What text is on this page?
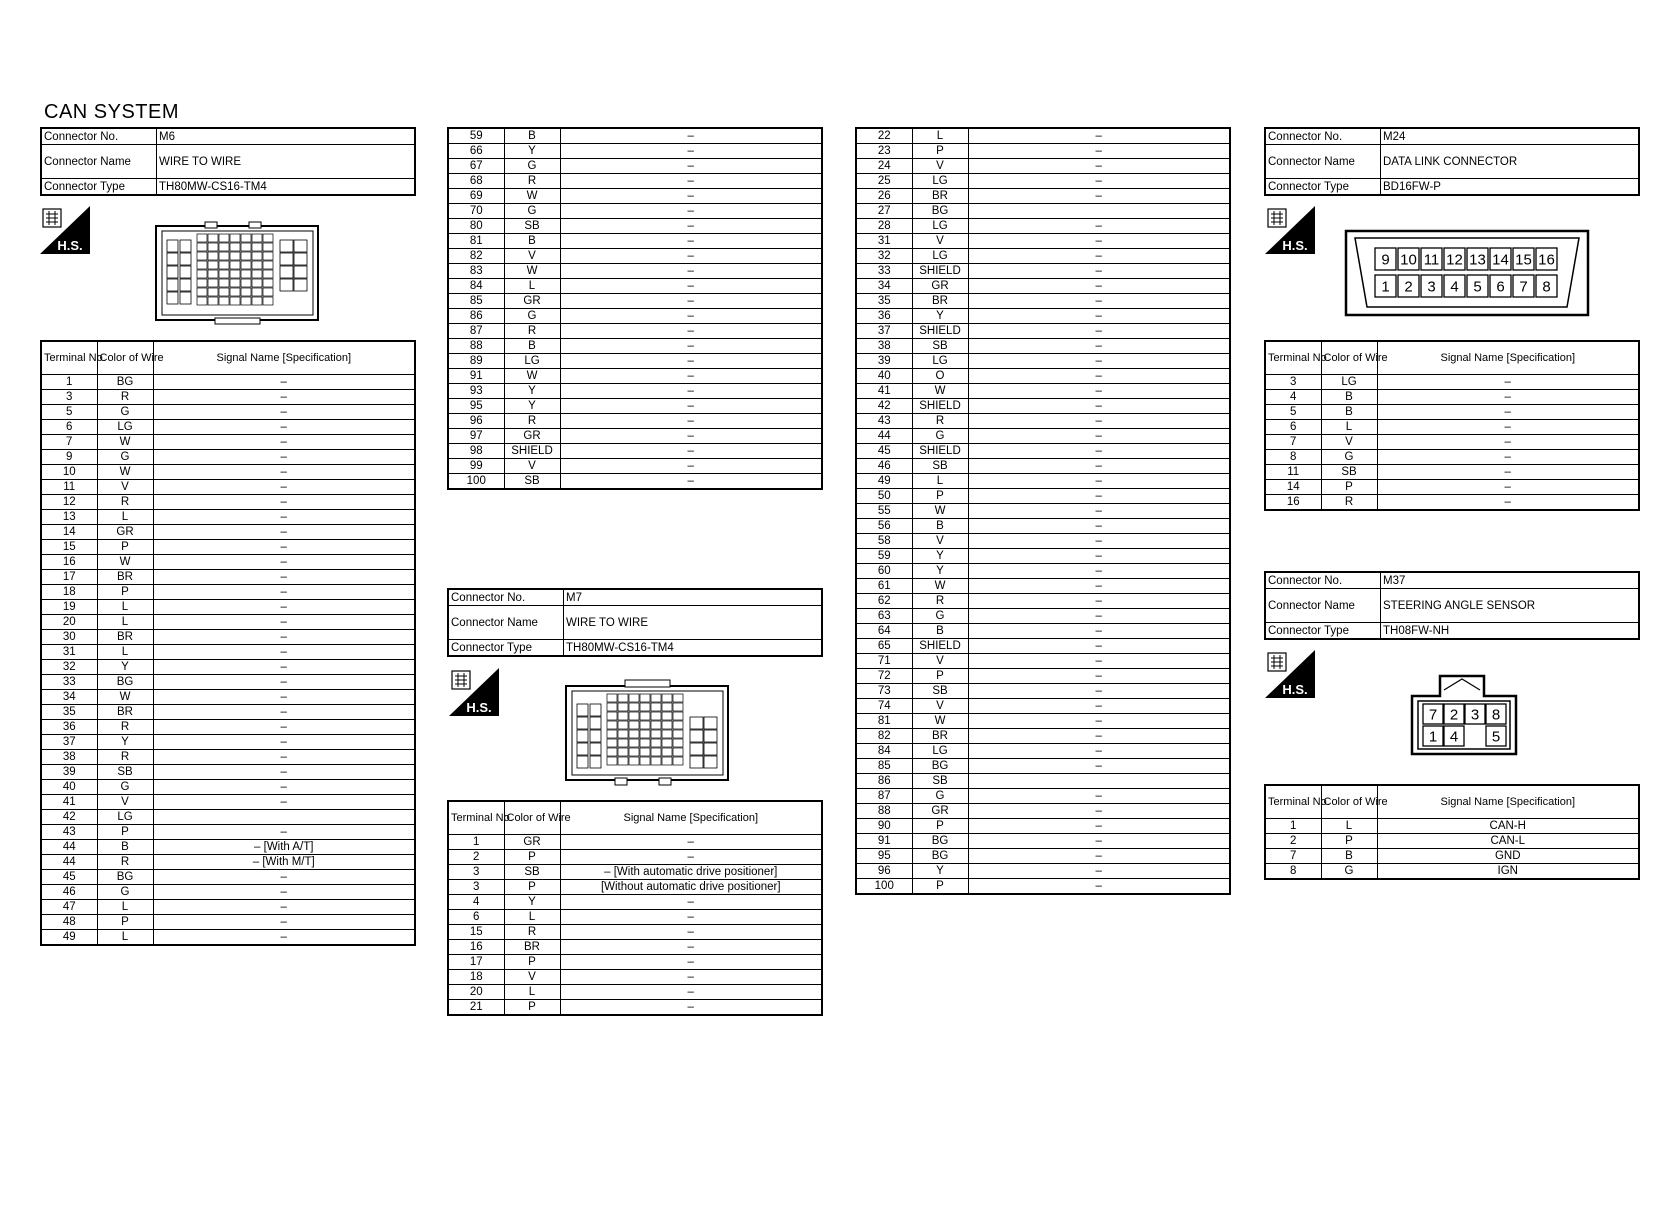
CAN SYSTEM
Connector No.	M6
Connector Name	WIRE TO WIRE
Connector Type	TH80MW-CS16-TM4
H.S.
Terminal No.	Color of Wire	Signal Name [Specification]
1	BG	–
3	R	–
5	G	–
6	LG	–
7	W	–
9	G	–
10	W	–
11	V	–
12	R	–
13	L	–
14	GR	–
15	P	–
16	W	–
17	BR	–
18	P	–
19	L	–
20	L	–
30	BR	–
31	L	–
32	Y	–
33	BG	–
34	W	–
35	BR	–
36	R	–
37	Y	–
38	R	–
39	SB	–
40	G	–
41	V	–
42	LG	
43	P	–
44	B	– [With A/T]
44	R	– [With M/T]
45	BG	–
46	G	–
47	L	–
48	P	–
49	L	–
59	B	–
66	Y	–
67	G	–
68	R	–
69	W	–
70	G	–
80	SB	–
81	B	–
82	V	–
83	W	–
84	L	–
85	GR	–
86	G	–
87	R	–
88	B	–
89	LG	–
91	W	–
93	Y	–
95	Y	–
96	R	–
97	GR	–
98	SHIELD	–
99	V	–
100	SB	–
Connector No.	M7
Connector Name	WIRE TO WIRE
Connector Type	TH80MW-CS16-TM4
H.S.
Terminal No.	Color of Wire	Signal Name [Specification]
1	GR	–
2	P	–
3	SB	– [With automatic drive positioner]
3	P	[Without automatic drive positioner]
4	Y	–
6	L	–
15	R	–
16	BR	–
17	P	–
18	V	–
20	L	–
21	P	–
22	L	–
23	P	–
24	V	–
25	LG	–
26	BR	–
27	BG	
28	LG	–
31	V	–
32	LG	–
33	SHIELD	–
34	GR	–
35	BR	–
36	Y	–
37	SHIELD	–
38	SB	–
39	LG	–
40	O	–
41	W	–
42	SHIELD	–
43	R	–
44	G	–
45	SHIELD	–
46	SB	–
49	L	–
50	P	–
55	W	–
56	B	–
58	V	–
59	Y	–
60	Y	–
61	W	–
62	R	–
63	G	–
64	B	–
65	SHIELD	–
71	V	–
72	P	–
73	SB	–
74	V	–
81	W	–
82	BR	–
84	LG	–
85	BG	–
86	SB	
87	G	–
88	GR	–
90	P	–
91	BG	–
95	BG	–
96	Y	–
100	P	–
Connector No.	M24
Connector Name	DATA LINK CONNECTOR
Connector Type	BD16FW-P
H.S.
9 10 11 12 13 14 15 16
1 2 3 4 5 6 7 8
Terminal No.	Color of Wire	Signal Name [Specification]
3	LG	–
4	B	–
5	B	–
6	L	–
7	V	–
8	G	–
11	SB	–
14	P	–
16	R	–
Connector No.	M37
Connector Name	STEERING ANGLE SENSOR
Connector Type	TH08FW-NH
H.S.
7 2 3 8
1 4 5
Terminal No.	Color of Wire	Signal Name [Specification]
1	L	CAN-H
2	P	CAN-L
7	B	GND
8	G	IGN
